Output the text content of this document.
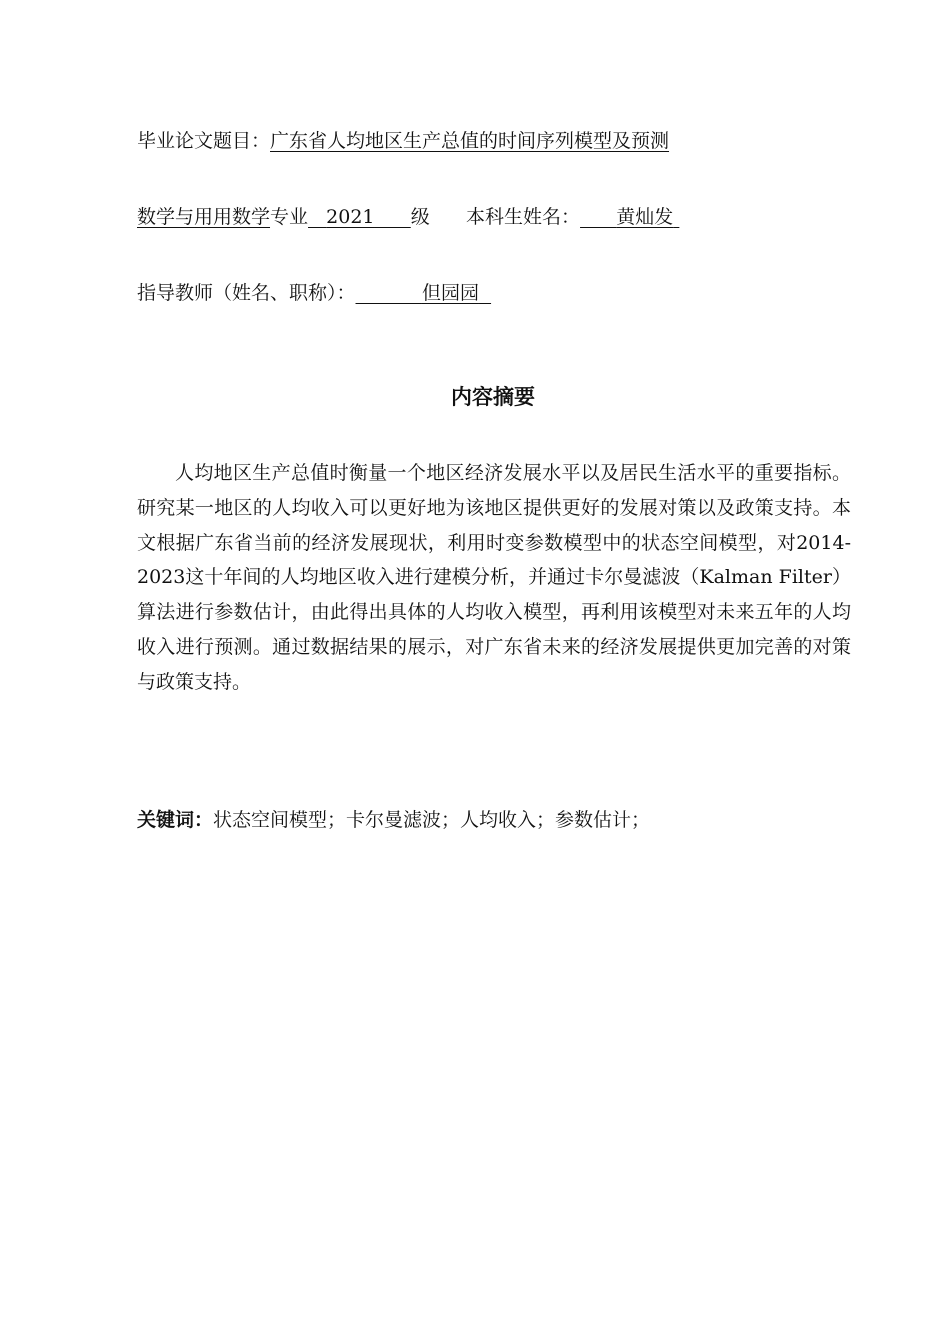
毕业论文题目：广东省人均地区生产总值的时间序列模型及预测
数学与用用数学专业 2021 级 本科生姓名： 黄灿发
指导教师（姓名、职称）：	但园园
内容摘要

人均地区生产总值时衡量一个地区经济发展水平以及居民生活水平的重要指标。研究某一地区的人均收入可以更好地为该地区提供更好的发展对策以及政策支持。本文根据广东省当前的经济发展现状，利用时变参数模型中的状态空间模型，对2014-2023这十年间的人均地区收入进行建模分析，并通过卡尔曼滤波（Kalman Filter）算法进行参数估计，由此得出具体的人均收入模型，再利用该模型对未来五年的人均收入进行预测。通过数据结果的展示，对广东省未来的经济发展提供更加完善的对策与政策支持。

关键词：状态空间模型；卡尔曼滤波；人均收入；参数估计；
